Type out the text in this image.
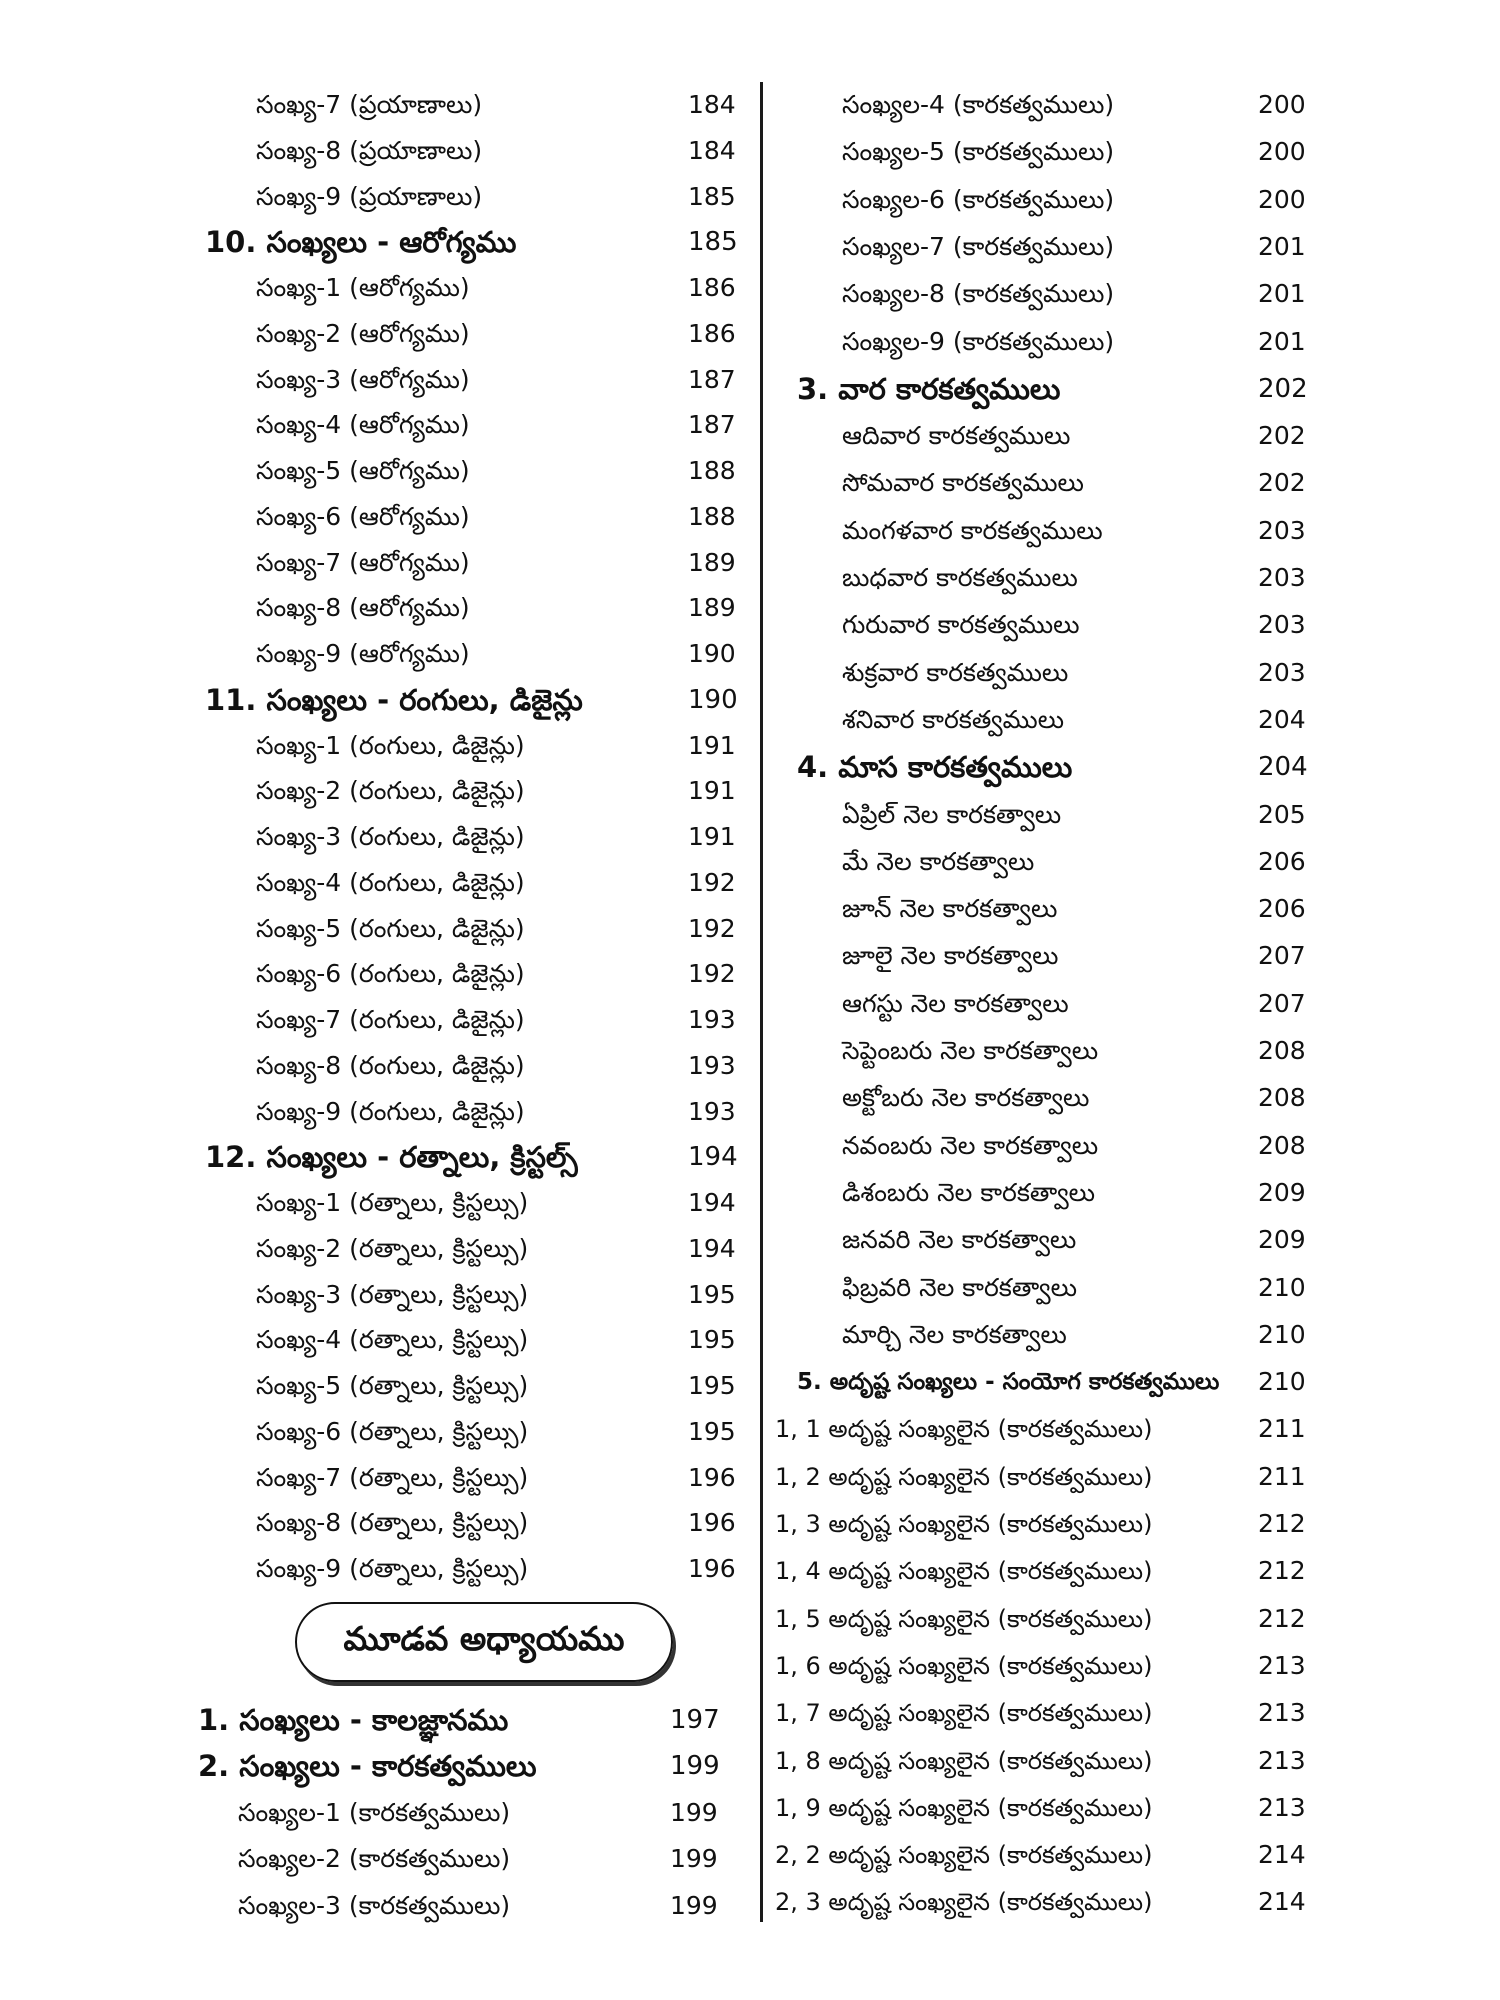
సంఖ్య-7 (ప్రయాణాలు)	184
సంఖ్య-8 (ప్రయాణాలు)	184
సంఖ్య-9 (ప్రయాణాలు)	185
10. సంఖ్యలు - ఆరోగ్యము	185
సంఖ్య-1 (ఆరోగ్యము)	186
సంఖ్య-2 (ఆరోగ్యము)	186
సంఖ్య-3 (ఆరోగ్యము)	187
సంఖ్య-4 (ఆరోగ్యము)	187
సంఖ్య-5 (ఆరోగ్యము)	188
సంఖ్య-6 (ఆరోగ్యము)	188
సంఖ్య-7 (ఆరోగ్యము)	189
సంఖ్య-8 (ఆరోగ్యము)	189
సంఖ్య-9 (ఆరోగ్యము)	190
11. సంఖ్యలు - రంగులు, డిజైన్లు	190
సంఖ్య-1 (రంగులు, డిజైన్లు)	191
సంఖ్య-2 (రంగులు, డిజైన్లు)	191
సంఖ్య-3 (రంగులు, డిజైన్లు)	191
సంఖ్య-4 (రంగులు, డిజైన్లు)	192
సంఖ్య-5 (రంగులు, డిజైన్లు)	192
సంఖ్య-6 (రంగులు, డిజైన్లు)	192
సంఖ్య-7 (రంగులు, డిజైన్లు)	193
సంఖ్య-8 (రంగులు, డిజైన్లు)	193
సంఖ్య-9 (రంగులు, డిజైన్లు)	193
12. సంఖ్యలు - రత్నాలు, క్రిస్టల్స్	194
సంఖ్య-1 (రత్నాలు, క్రిస్టల్సు)	194
సంఖ్య-2 (రత్నాలు, క్రిస్టల్సు)	194
సంఖ్య-3 (రత్నాలు, క్రిస్టల్సు)	195
సంఖ్య-4 (రత్నాలు, క్రిస్టల్సు)	195
సంఖ్య-5 (రత్నాలు, క్రిస్టల్సు)	195
సంఖ్య-6 (రత్నాలు, క్రిస్టల్సు)	195
సంఖ్య-7 (రత్నాలు, క్రిస్టల్సు)	196
సంఖ్య-8 (రత్నాలు, క్రిస్టల్సు)	196
సంఖ్య-9 (రత్నాలు, క్రిస్టల్సు)	196
1. సంఖ్యలు - కాలజ్ఞానము	197
2. సంఖ్యలు - కారకత్వములు	199
సంఖ్యల-1 (కారకత్వములు)	199
సంఖ్యల-2 (కారకత్వములు)	199
సంఖ్యల-3 (కారకత్వములు)	199
మూడవ అధ్యాయము
సంఖ్యల-4 (కారకత్వములు)	200
సంఖ్యల-5 (కారకత్వములు)	200
సంఖ్యల-6 (కారకత్వములు)	200
సంఖ్యల-7 (కారకత్వములు)	201
సంఖ్యల-8 (కారకత్వములు)	201
సంఖ్యల-9 (కారకత్వములు)	201
3. వార కారకత్వములు	202
ఆదివార కారకత్వములు	202
సోమవార కారకత్వములు	202
మంగళవార కారకత్వములు	203
బుధవార కారకత్వములు	203
గురువార కారకత్వములు	203
శుక్రవార కారకత్వములు	203
శనివార కారకత్వములు	204
4. మాస కారకత్వములు	204
ఏప్రిల్ నెల కారకత్వాలు	205
మే నెల కారకత్వాలు	206
జూన్ నెల కారకత్వాలు	206
జూలై నెల కారకత్వాలు	207
ఆగస్టు నెల కారకత్వాలు	207
సెప్టెంబరు నెల కారకత్వాలు	208
అక్టోబరు నెల కారకత్వాలు	208
నవంబరు నెల కారకత్వాలు	208
డిశంబరు నెల కారకత్వాలు	209
జనవరి నెల కారకత్వాలు	209
ఫిబ్రవరి నెల కారకత్వాలు	210
మార్చి నెల కారకత్వాలు	210
5. అదృష్ట సంఖ్యలు - సంయోగ కారకత్వములు 210
1, 1 అదృష్ట సంఖ్యలైన (కారకత్వములు)	211
1, 2 అదృష్ట సంఖ్యలైన (కారకత్వములు)	211
1, 3 అదృష్ట సంఖ్యలైన (కారకత్వములు)	212
1, 4 అదృష్ట సంఖ్యలైన (కారకత్వములు)	212
1, 5 అదృష్ట సంఖ్యలైన (కారకత్వములు)	212
1, 6 అదృష్ట సంఖ్యలైన (కారకత్వములు)	213
1, 7 అదృష్ట సంఖ్యలైన (కారకత్వములు)	213
1, 8 అదృష్ట సంఖ్యలైన (కారకత్వములు)	213
1, 9 అదృష్ట సంఖ్యలైన (కారకత్వములు)	213
2, 2 అదృష్ట సంఖ్యలైన (కారకత్వములు)	214
2, 3 అదృష్ట సంఖ్యలైన (కారకత్వములు)	214
